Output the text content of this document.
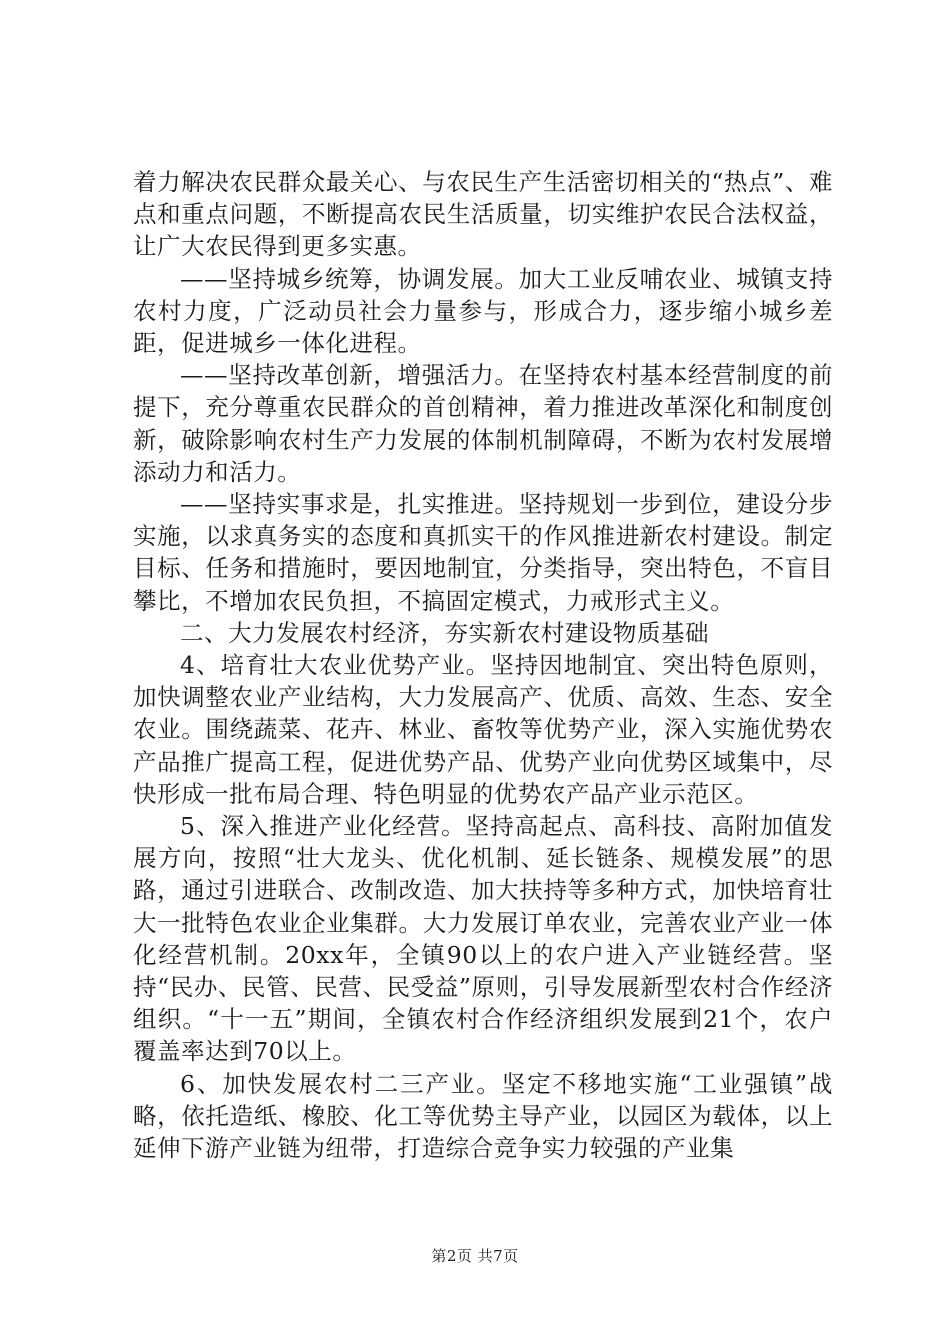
着力解决农民群众最关心、与农民生产生活密切相关的“热点”、难点和重点问题，不断提高农民生活质量，切实维护农民合法权益，让广大农民得到更多实惠。

——坚持城乡统筹，协调发展。加大工业反哺农业、城镇支持农村力度，广泛动员社会力量参与，形成合力，逐步缩小城乡差距，促进城乡一体化进程。

——坚持改革创新，增强活力。在坚持农村基本经营制度的前提下，充分尊重农民群众的首创精神，着力推进改革深化和制度创新，破除影响农村生产力发展的体制机制障碍，不断为农村发展增添动力和活力。

——坚持实事求是，扎实推进。坚持规划一步到位，建设分步实施，以求真务实的态度和真抓实干的作风推进新农村建设。制定目标、任务和措施时，要因地制宜，分类指导，突出特色，不盲目攀比，不增加农民负担，不搞固定模式，力戒形式主义。

二、大力发展农村经济，夯实新农村建设物质基础

4、培育壮大农业优势产业。坚持因地制宜、突出特色原则，加快调整农业产业结构，大力发展高产、优质、高效、生态、安全农业。围绕蔬菜、花卉、林业、畜牧等优势产业，深入实施优势农产品推广提高工程，促进优势产品、优势产业向优势区域集中，尽快形成一批布局合理、特色明显的优势农产品产业示范区。

5、深入推进产业化经营。坚持高起点、高科技、高附加值发展方向，按照“壮大龙头、优化机制、延长链条、规模发展”的思路，通过引进联合、改制改造、加大扶持等多种方式，加快培育壮大一批特色农业企业集群。大力发展订单农业，完善农业产业一体化经营机制。20xx年，全镇90以上的农户进入产业链经营。坚持“民办、民管、民营、民受益”原则，引导发展新型农村合作经济组织。“十一五”期间，全镇农村合作经济组织发展到21个，农户覆盖率达到70以上。

6、加快发展农村二三产业。坚定不移地实施“工业强镇”战略，依托造纸、橡胶、化工等优势主导产业，以园区为载体，以上延伸下游产业链为纽带，打造综合竞争实力较强的产业集

第2页 共7页
